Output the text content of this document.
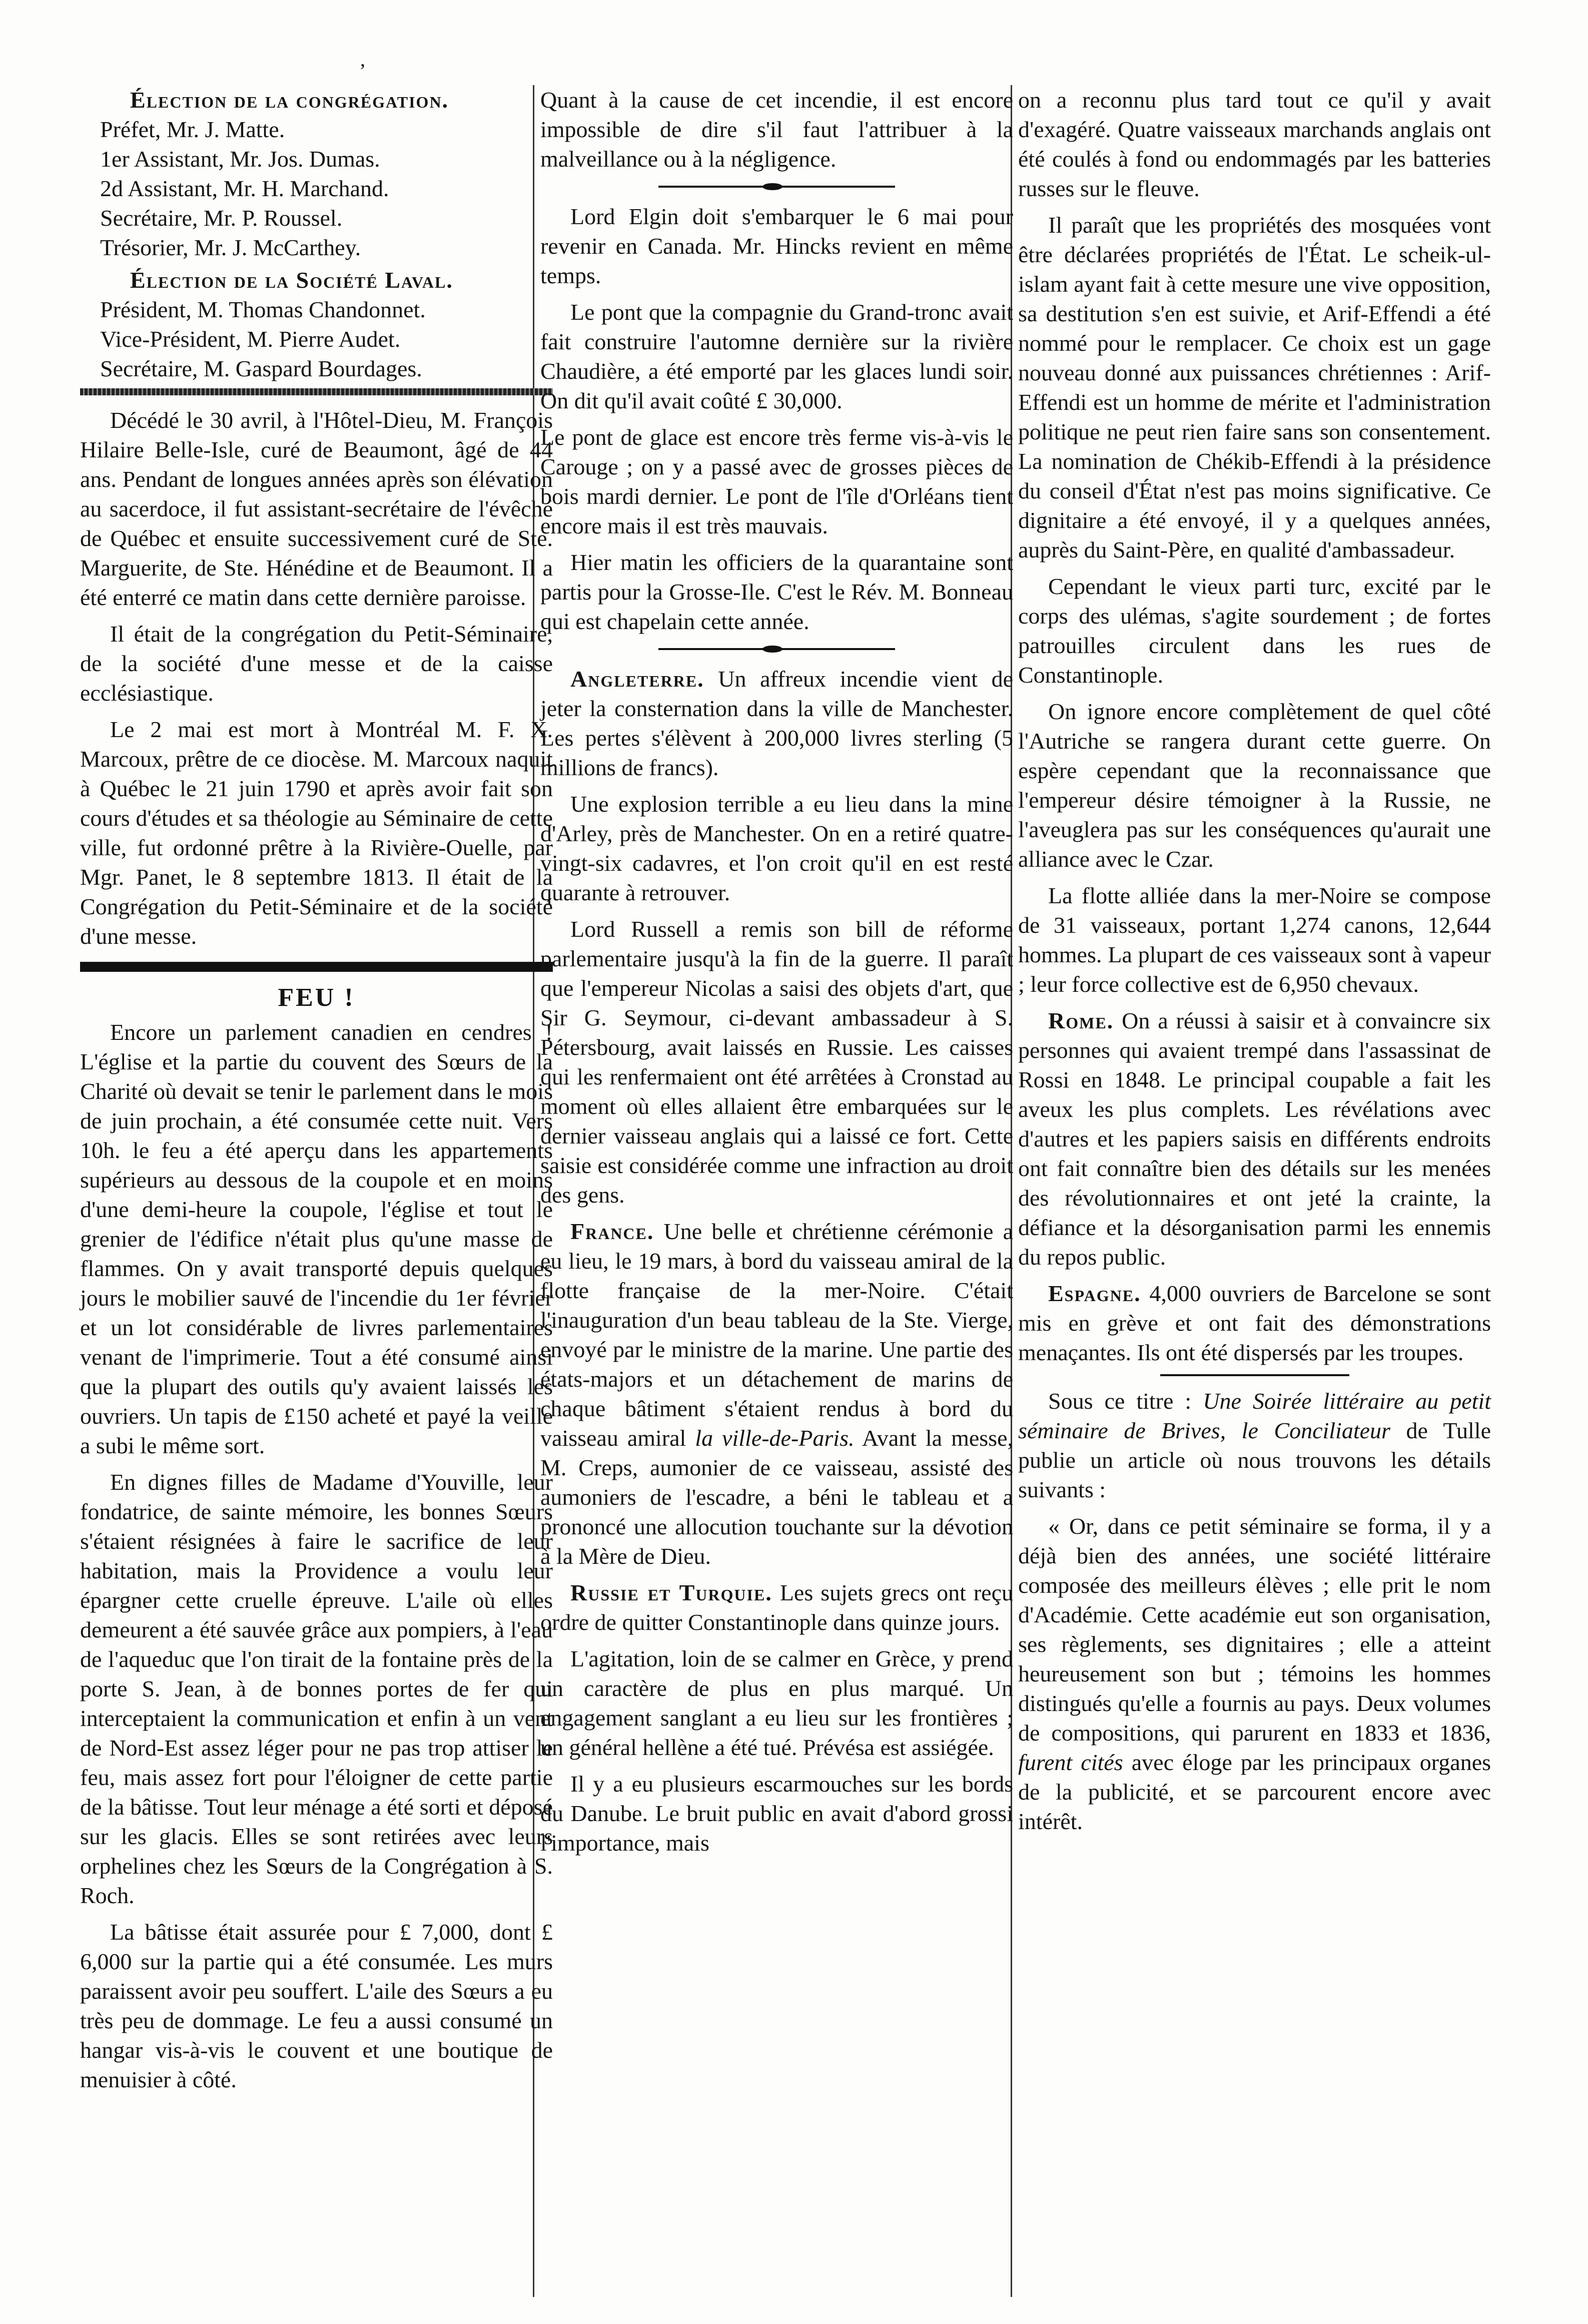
,
Élection de la congrégation.
Préfet, Mr. J. Matte.
1er Assistant, Mr. Jos. Dumas.
2d Assistant, Mr. H. Marchand.
Secrétaire, Mr. P. Roussel.
Trésorier, Mr. J. McCarthey.
Élection de la Société Laval.
Président, M. Thomas Chandonnet.
Vice-Président, M. Pierre Audet.
Secrétaire, M. Gaspard Bourdages.

Décédé le 30 avril, à l'Hôtel-Dieu, M. François Hilaire Belle-Isle, curé de Beaumont, âgé de 44 ans. Pendant de longues années après son élévation au sacerdoce, il fut assistant-secrétaire de l'évêché de Québec et ensuite successivement curé de Ste. Marguerite, de Ste. Hénédine et de Beaumont. Il a été enterré ce matin dans cette dernière paroisse.

Il était de la congrégation du Petit-Séminaire, de la société d'une messe et de la caisse ecclésiastique.

Le 2 mai est mort à Montréal M. F. X. Marcoux, prêtre de ce diocèse. M. Marcoux naquit à Québec le 21 juin 1790 et après avoir fait son cours d'études et sa théologie au Séminaire de cette ville, fut ordonné prêtre à la Rivière-Ouelle, par Mgr. Panet, le 8 septembre 1813. Il était de la Congrégation du Petit-Séminaire et de la société d'une messe.

FEU !

Encore un parlement canadien en cendres ! L'église et la partie du couvent des Sœurs de la Charité où devait se tenir le parlement dans le mois de juin prochain, a été consumée cette nuit. Vers 10h. le feu a été aperçu dans les appartements supérieurs au dessous de la coupole et en moins d'une demi-heure la coupole, l'église et tout le grenier de l'édifice n'était plus qu'une masse de flammes. On y avait transporté depuis quelques jours le mobilier sauvé de l'incendie du 1er février et un lot considérable de livres parlementaires venant de l'imprimerie. Tout a été consumé ainsi que la plupart des outils qu'y avaient laissés les ouvriers. Un tapis de £150 acheté et payé la veille a subi le même sort.

En dignes filles de Madame d'Youville, leur fondatrice, de sainte mémoire, les bonnes Sœurs s'étaient résignées à faire le sacrifice de leur habitation, mais la Providence a voulu leur épargner cette cruelle épreuve. L'aile où elles demeurent a été sauvée grâce aux pompiers, à l'eau de l'aqueduc que l'on tirait de la fontaine près de la porte S. Jean, à de bonnes portes de fer qui interceptaient la communication et enfin à un vent de Nord-Est assez léger pour ne pas trop attiser le feu, mais assez fort pour l'éloigner de cette partie de la bâtisse. Tout leur ménage a été sorti et déposé sur les glacis. Elles se sont retirées avec leurs orphelines chez les Sœurs de la Congrégation à S. Roch.

La bâtisse était assurée pour £ 7,000, dont £ 6,000 sur la partie qui a été consumée. Les murs paraissent avoir peu souffert. L'aile des Sœurs a eu très peu de dommage. Le feu a aussi consumé un hangar vis-à-vis le couvent et une boutique de menuisier à côté.

Quant à la cause de cet incendie, il est encore impossible de dire s'il faut l'attribuer à la malveillance ou à la négligence.

Lord Elgin doit s'embarquer le 6 mai pour revenir en Canada. Mr. Hincks revient en même temps.

Le pont que la compagnie du Grand-tronc avait fait construire l'automne dernière sur la rivière Chaudière, a été emporté par les glaces lundi soir. On dit qu'il avait coûté £ 30,000.

Le pont de glace est encore très ferme vis-à-vis le Carouge ; on y a passé avec de grosses pièces de bois mardi dernier. Le pont de l'île d'Orléans tient encore mais il est très mauvais.

Hier matin les officiers de la quarantaine sont partis pour la Grosse-Ile. C'est le Rév. M. Bonneau qui est chapelain cette année.

Angleterre. Un affreux incendie vient de jeter la consternation dans la ville de Manchester. Les pertes s'élèvent à 200,000 livres sterling (5 millions de francs).

Une explosion terrible a eu lieu dans la mine d'Arley, près de Manchester. On en a retiré quatre-vingt-six cadavres, et l'on croit qu'il en est resté quarante à retrouver.

Lord Russell a remis son bill de réforme parlementaire jusqu'à la fin de la guerre. Il paraît que l'empereur Nicolas a saisi des objets d'art, que Sir G. Seymour, ci-devant ambassadeur à S. Pétersbourg, avait laissés en Russie. Les caisses qui les renfermaient ont été arrêtées à Cronstad au moment où elles allaient être embarquées sur le dernier vaisseau anglais qui a laissé ce fort. Cette saisie est considérée comme une infraction au droit des gens.

France. Une belle et chrétienne cérémonie a eu lieu, le 19 mars, à bord du vaisseau amiral de la flotte française de la mer-Noire. C'était l'inauguration d'un beau tableau de la Ste. Vierge, envoyé par le ministre de la marine. Une partie des états-majors et un détachement de marins de chaque bâtiment s'étaient rendus à bord du vaisseau amiral la ville-de-Paris. Avant la messe, M. Creps, aumonier de ce vaisseau, assisté des aumoniers de l'escadre, a béni le tableau et a prononcé une allocution touchante sur la dévotion à la Mère de Dieu.

Russie et Turquie. Les sujets grecs ont reçu ordre de quitter Constantinople dans quinze jours.

L'agitation, loin de se calmer en Grèce, y prend un caractère de plus en plus marqué. Un engagement sanglant a eu lieu sur les frontières ; un général hellène a été tué. Prévésa est assiégée.

Il y a eu plusieurs escarmouches sur les bords du Danube. Le bruit public en avait d'abord grossi l'importance, mais

on a reconnu plus tard tout ce qu'il y avait d'exagéré. Quatre vaisseaux marchands anglais ont été coulés à fond ou endommagés par les batteries russes sur le fleuve.

Il paraît que les propriétés des mosquées vont être déclarées propriétés de l'État. Le scheik-ul-islam ayant fait à cette mesure une vive opposition, sa destitution s'en est suivie, et Arif-Effendi a été nommé pour le remplacer. Ce choix est un gage nouveau donné aux puissances chrétiennes : Arif-Effendi est un homme de mérite et l'administration politique ne peut rien faire sans son consentement. La nomination de Chékib-Effendi à la présidence du conseil d'État n'est pas moins significative. Ce dignitaire a été envoyé, il y a quelques années, auprès du Saint-Père, en qualité d'ambassadeur.

Cependant le vieux parti turc, excité par le corps des ulémas, s'agite sourdement ; de fortes patrouilles circulent dans les rues de Constantinople.

On ignore encore complètement de quel côté l'Autriche se rangera durant cette guerre. On espère cependant que la reconnaissance que l'empereur désire témoigner à la Russie, ne l'aveuglera pas sur les conséquences qu'aurait une alliance avec le Czar.

La flotte alliée dans la mer-Noire se compose de 31 vaisseaux, portant 1,274 canons, 12,644 hommes. La plupart de ces vaisseaux sont à vapeur ; leur force collective est de 6,950 chevaux.

Rome. On a réussi à saisir et à convaincre six personnes qui avaient trempé dans l'assassinat de Rossi en 1848. Le principal coupable a fait les aveux les plus complets. Les révélations avec d'autres et les papiers saisis en différents endroits ont fait connaître bien des détails sur les menées des révolutionnaires et ont jeté la crainte, la défiance et la désorganisation parmi les ennemis du repos public.

Espagne. 4,000 ouvriers de Barcelone se sont mis en grève et ont fait des démonstrations menaçantes. Ils ont été dispersés par les troupes.

Sous ce titre : Une Soirée littéraire au petit séminaire de Brives, le Conciliateur de Tulle publie un article où nous trouvons les détails suivants :

« Or, dans ce petit séminaire se forma, il y a déjà bien des années, une société littéraire composée des meilleurs élèves ; elle prit le nom d'Académie. Cette académie eut son organisation, ses règlements, ses dignitaires ; elle a atteint heureusement son but ; témoins les hommes distingués qu'elle a fournis au pays. Deux volumes de compositions, qui parurent en 1833 et 1836, furent cités avec éloge par les principaux organes de la publicité, et se parcourent encore avec intérêt.
